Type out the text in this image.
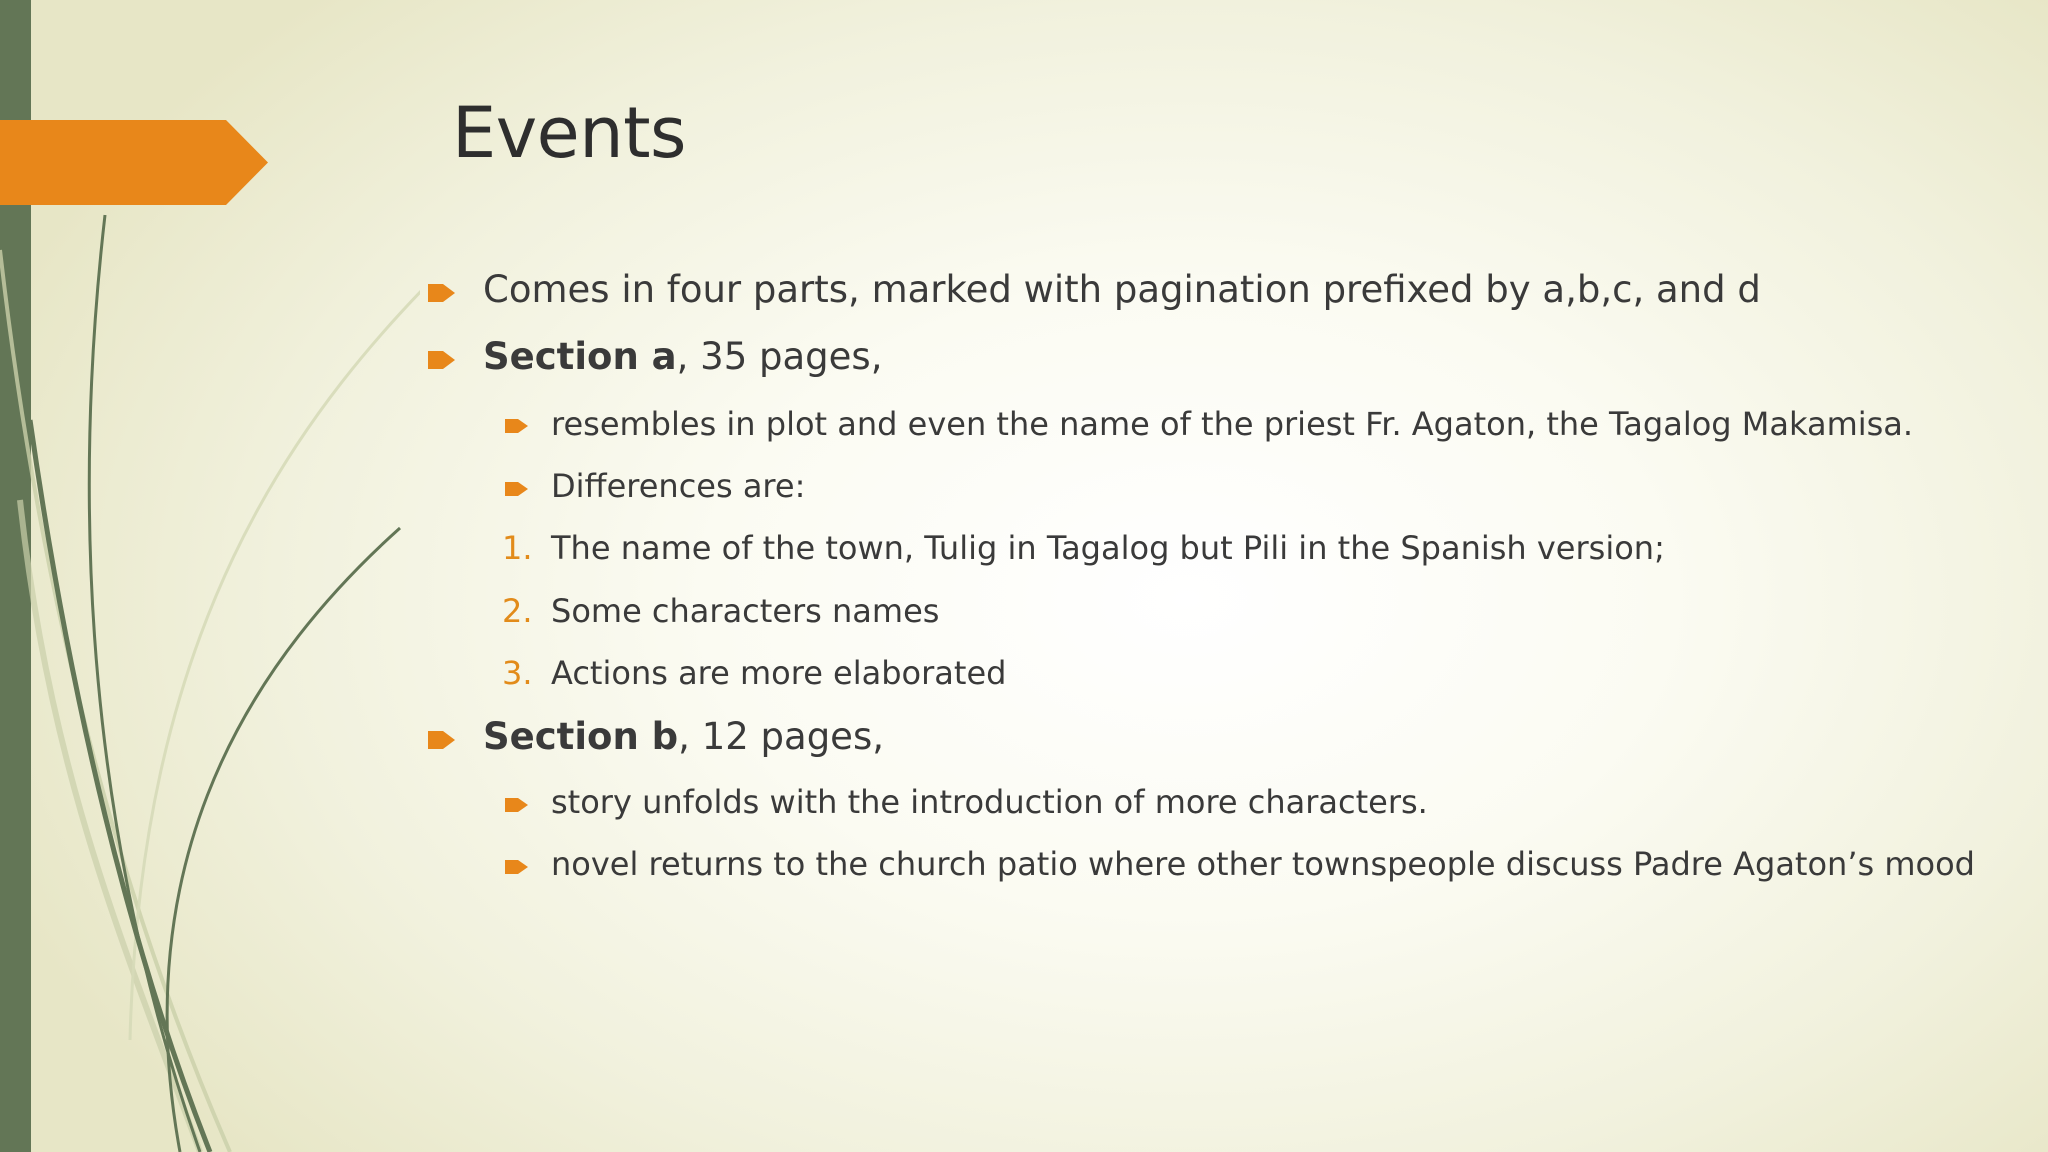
Events
Comes in four parts, marked with pagination prefixed by a,b,c, and d
Section a, 35 pages,
resembles in plot and even the name of the priest Fr. Agaton, the Tagalog Makamisa.
Differences are:
1. The name of the town, Tulig in Tagalog but Pili in the Spanish version;
2. Some characters names
3. Actions are more elaborated
Section b, 12 pages,
story unfolds with the introduction of more characters.
novel returns to the church patio where other townspeople discuss Padre Agaton’s mood
